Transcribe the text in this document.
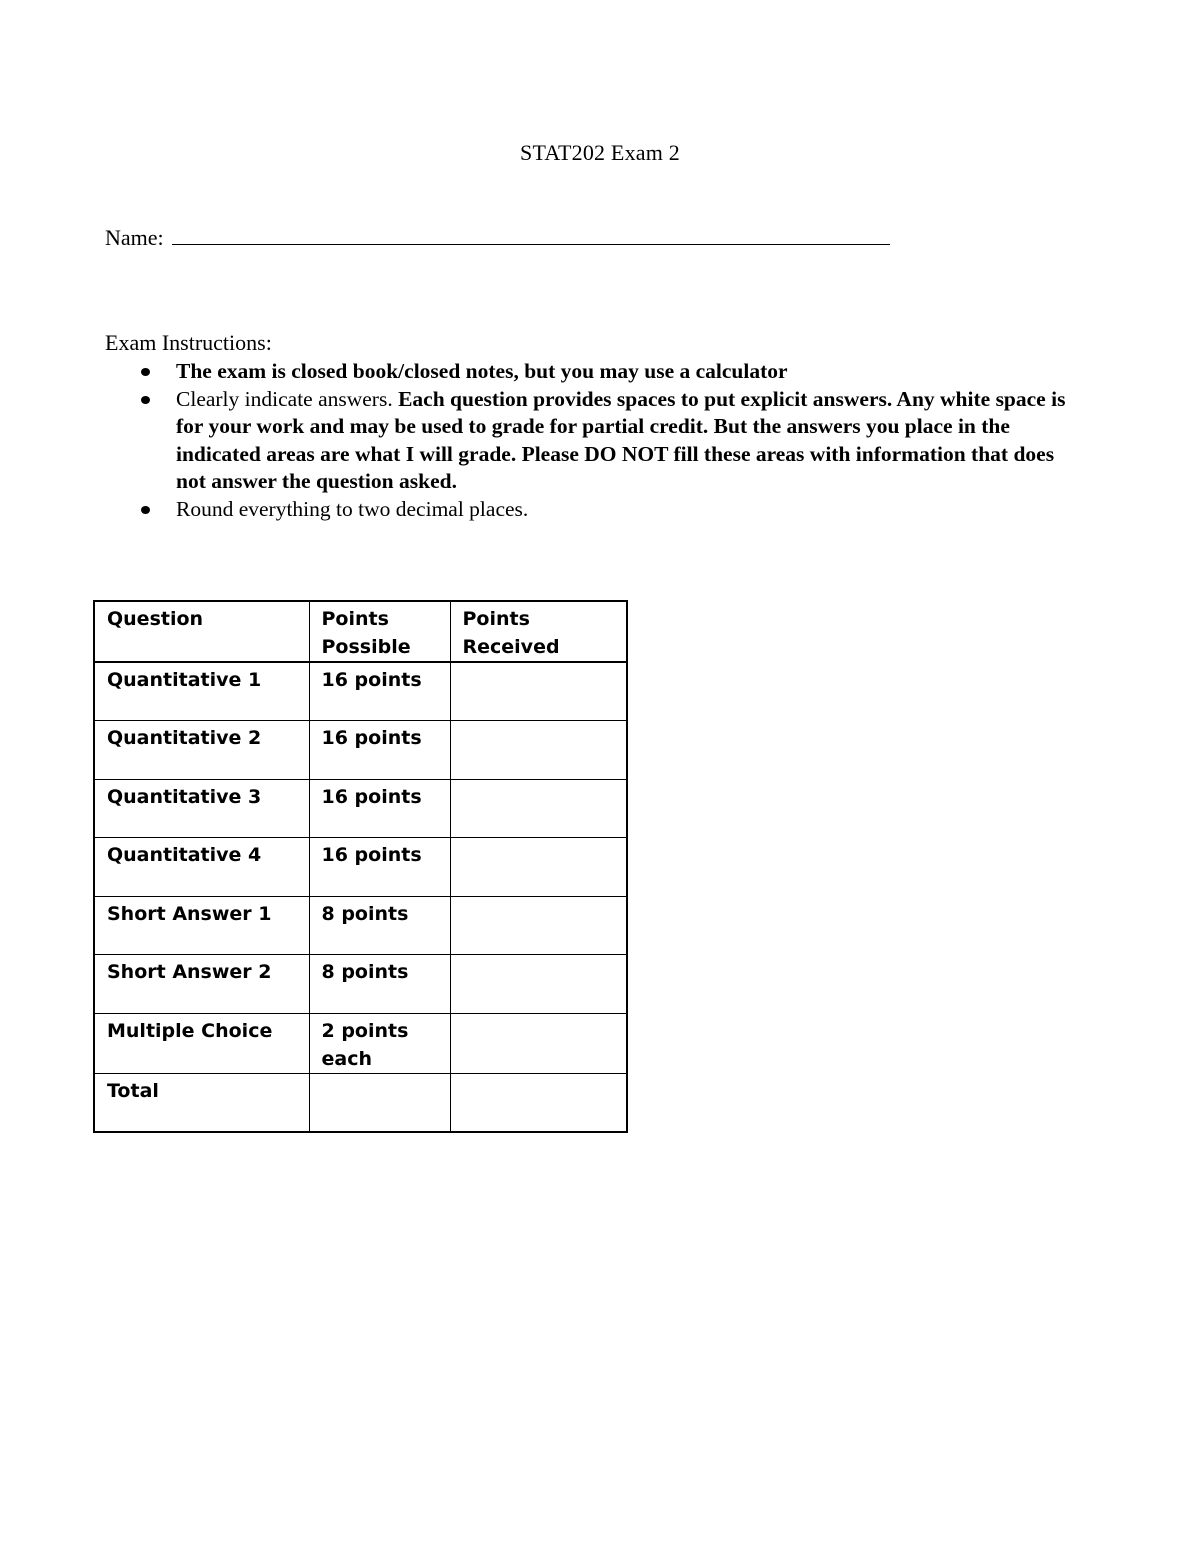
STAT202 Exam 2
Name:
Exam Instructions:
The exam is closed book/closed notes, but you may use a calculator
Clearly indicate answers. Each question provides spaces to put explicit answers. Any white space is for your work and may be used to grade for partial credit. But the answers you place in the indicated areas are what I will grade. Please DO NOT fill these areas with information that does not answer the question asked.
Round everything to two decimal places.
Question	Points Possible	Points Received
Quantitative 1	16 points	
Quantitative 2	16 points	
Quantitative 3	16 points	
Quantitative 4	16 points	
Short Answer 1	8 points	
Short Answer 2	8 points	
Multiple Choice	2 points each	
Total		
